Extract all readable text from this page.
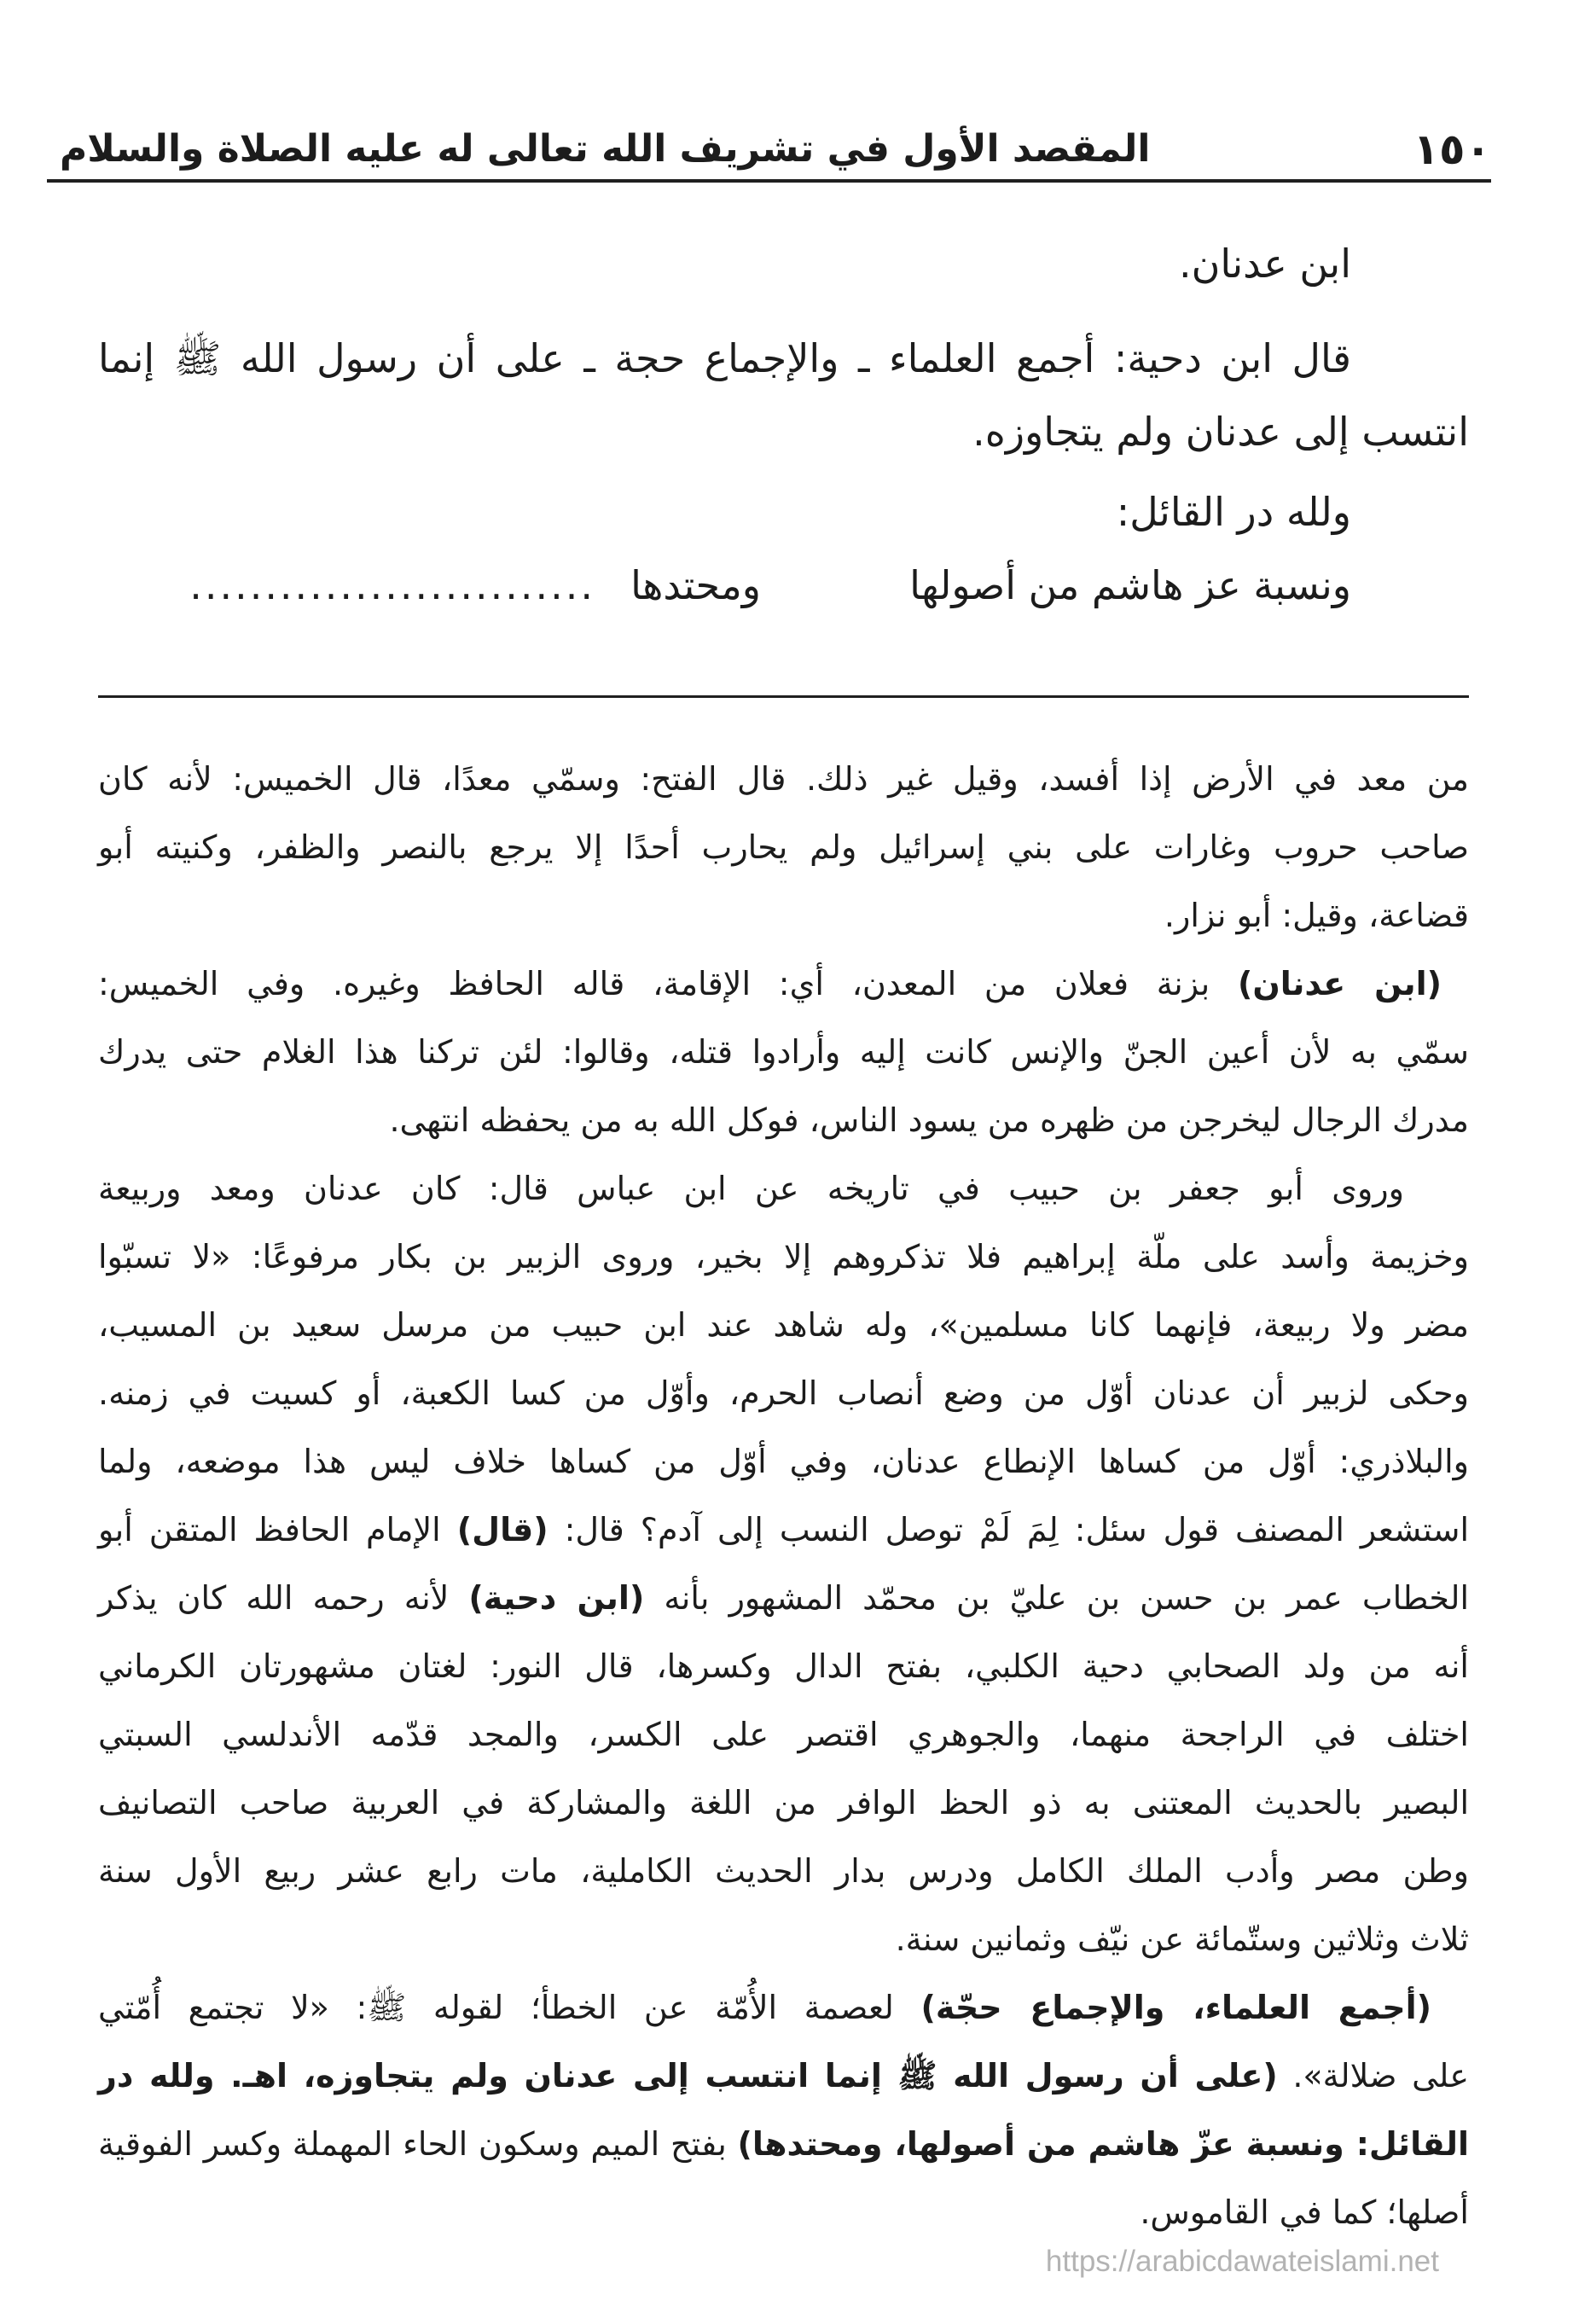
١٥٠
المقصد الأول في تشريف الله تعالى له عليه الصلاة والسلام
ابن عدنان.
قال ابن دحية: أجمع العلماء ـ والإجماع حجة ـ على أن رسول الله ﷺ إنما
انتسب إلى عدنان ولم يتجاوزه.
ولله در القائل:
ونسبة عز هاشم من أصولها
ومحتدها
...........................
من معد في الأرض إذا أفسد، وقيل غير ذلك. قال الفتح: وسمّي معدًا، قال الخميس: لأنه كان
صاحب حروب وغارات على بني إسرائيل ولم يحارب أحدًا إلا يرجع بالنصر والظفر، وكنيته أبو
قضاعة، وقيل: أبو نزار.
(ابن عدنان) بزنة فعلان من المعدن، أي: الإقامة، قاله الحافظ وغيره. وفي الخميس:
سمّي به لأن أعين الجنّ والإنس كانت إليه وأرادوا قتله، وقالوا: لئن تركنا هذا الغلام حتى يدرك
مدرك الرجال ليخرجن من ظهره من يسود الناس، فوكل الله به من يحفظه انتهى.
وروى أبو جعفر بن حبيب في تاريخه عن ابن عباس قال: كان عدنان ومعد وربيعة
وخزيمة وأسد على ملّة إبراهيم فلا تذكروهم إلا بخير، وروى الزبير بن بكار مرفوعًا: «لا تسبّوا
مضر ولا ربيعة، فإنهما كانا مسلمين»، وله شاهد عند ابن حبيب من مرسل سعيد بن المسيب،
وحكى لزبير أن عدنان أوّل من وضع أنصاب الحرم، وأوّل من كسا الكعبة، أو كسيت في زمنه.
والبلاذري: أوّل من كساها الإنطاع عدنان، وفي أوّل من كساها خلاف ليس هذا موضعه، ولما
استشعر المصنف قول سئل: لِمَ لَمْ توصل النسب إلى آدم؟ قال: (قال) الإمام الحافظ المتقن أبو
الخطاب عمر بن حسن بن عليّ بن محمّد المشهور بأنه (ابن دحية) لأنه رحمه الله كان يذكر
أنه من ولد الصحابي دحية الكلبي، بفتح الدال وكسرها، قال النور: لغتان مشهورتان الكرماني
اختلف في الراجحة منهما، والجوهري اقتصر على الكسر، والمجد قدّمه الأندلسي السبتي
البصير بالحديث المعتنى به ذو الحظ الوافر من اللغة والمشاركة في العربية صاحب التصانيف
وطن مصر وأدب الملك الكامل ودرس بدار الحديث الكاملية، مات رابع عشر ربيع الأول سنة
ثلاث وثلاثين وستّمائة عن نيّف وثمانين سنة.
(أجمع العلماء، والإجماع حجّة) لعصمة الأُمّة عن الخطأ؛ لقوله ﷺ: «لا تجتمع أُمّتي
على ضلالة». (على أن رسول الله ﷺ إنما انتسب إلى عدنان ولم يتجاوزه، اهـ. ولله در
القائل: ونسبة عزّ هاشم من أصولها، ومحتدها) بفتح الميم وسكون الحاء المهملة وكسر الفوقية
أصلها؛ كما في القاموس.
https://arabicdawateislami.net
